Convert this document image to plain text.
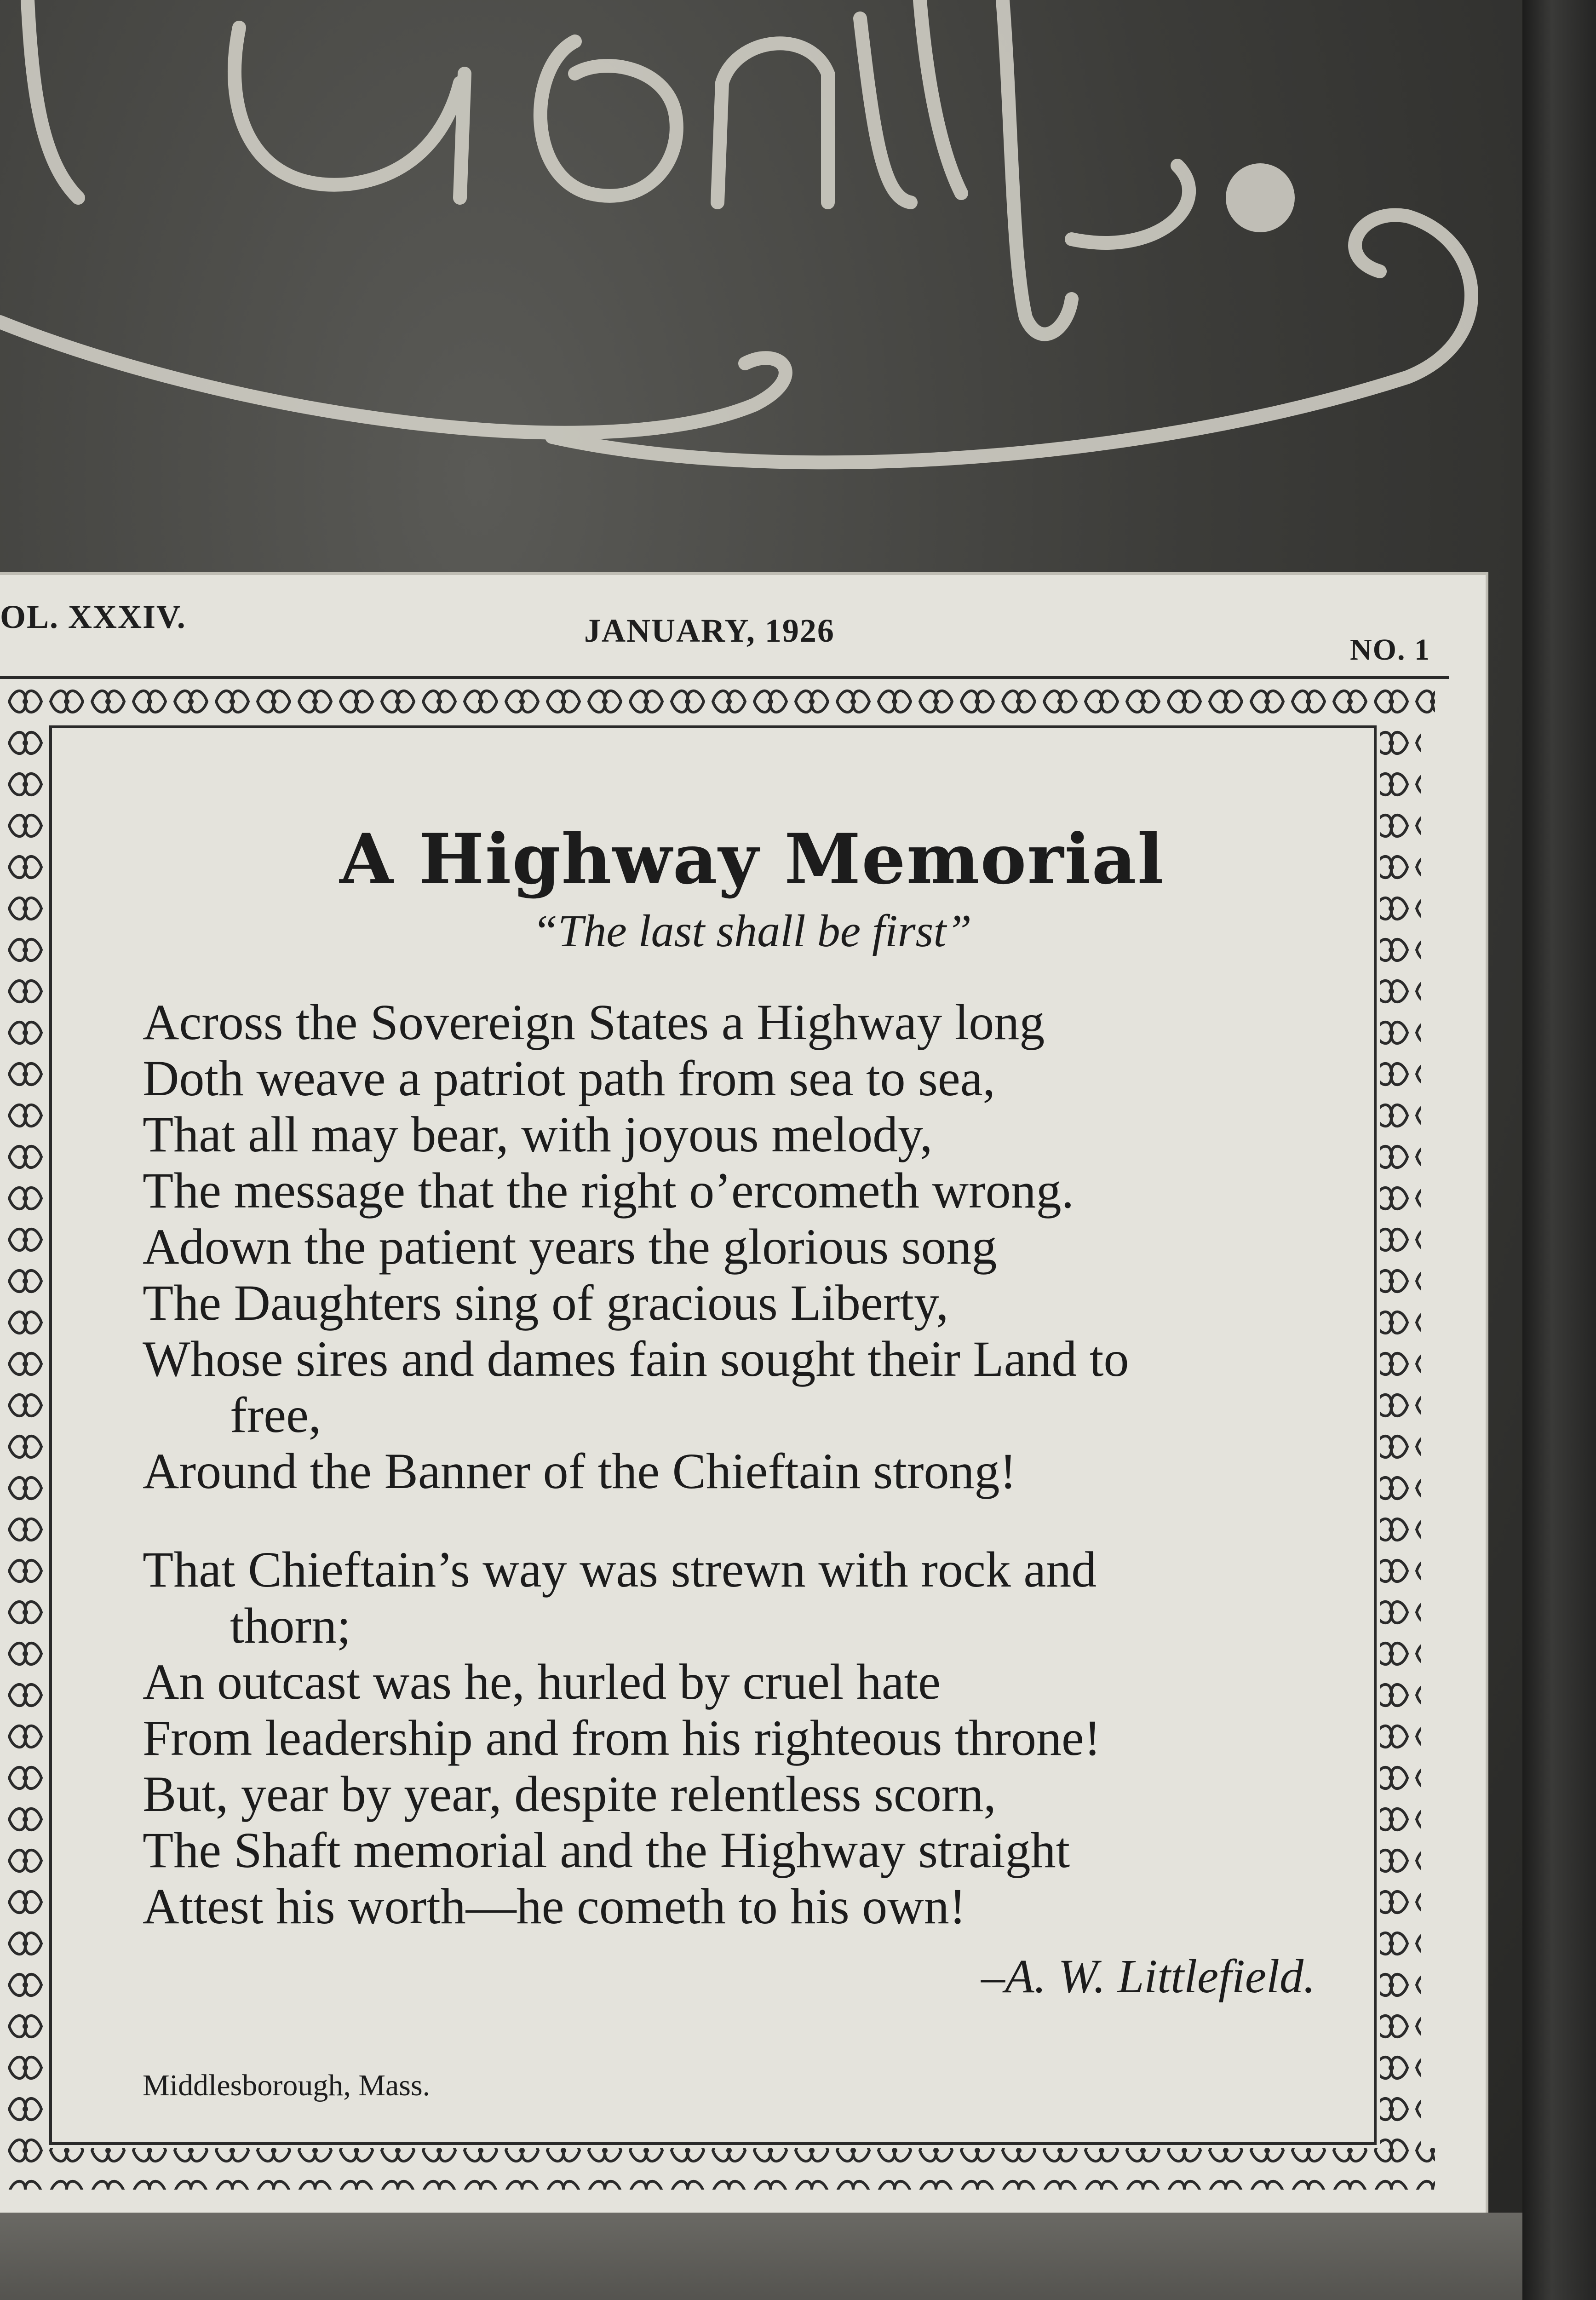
OL. XXXIV.	JANUARY, 1926
NO. 1
A Highway Memorial
“The last shall be first”
Across the Sovereign States a Highway long
Doth weave a patriot path from sea to sea,
That all may bear, with joyous melody,
The message that the right o’ercometh wrong.
Adown the patient years the glorious song
The Daughters sing of gracious Liberty,
Whose sires and dames fain sought their Land to
free,
Around the Banner of the Chieftain strong!
That Chieftain’s way was strewn with rock and
thorn;
An outcast was he, hurled by cruel hate
From leadership and from his righteous throne!
But, year by year, despite relentless scorn,
The Shaft memorial and the Highway straight
Attest his worth—he cometh to his own!
–A. W. Littlefield.
Middlesborough, Mass.
